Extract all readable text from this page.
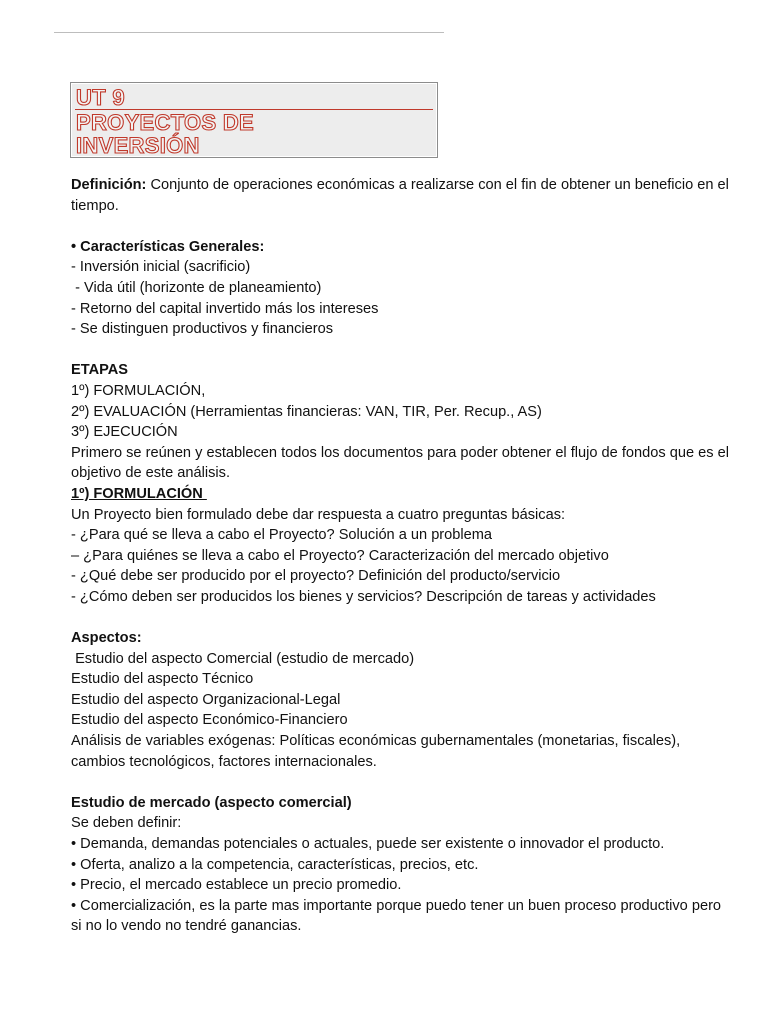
UT 9
PROYECTOS DE
INVERSIÓN

Definición: Conjunto de operaciones económicas a realizarse con el fin de obtener un beneficio en el tiempo.

• Características Generales:

- Inversión inicial (sacrificio)

- Vida útil (horizonte de planeamiento)

- Retorno del capital invertido más los intereses

- Se distinguen productivos y financieros

ETAPAS

1º) FORMULACIÓN,

2º) EVALUACIÓN (Herramientas financieras: VAN, TIR, Per. Recup., AS)

3º) EJECUCIÓN

Primero se reúnen y establecen todos los documentos para poder obtener el flujo de fondos que es el objetivo de este análisis.

1º) FORMULACIÓN

Un Proyecto bien formulado debe dar respuesta a cuatro preguntas básicas:

- ¿Para qué se lleva a cabo el Proyecto? Solución a un problema

– ¿Para quiénes se lleva a cabo el Proyecto? Caracterización del mercado objetivo

- ¿Qué debe ser producido por el proyecto? Definición del producto/servicio

- ¿Cómo deben ser producidos los bienes y servicios? Descripción de tareas y actividades

Aspectos:

Estudio del aspecto Comercial (estudio de mercado)

Estudio del aspecto Técnico

Estudio del aspecto Organizacional-Legal

Estudio del aspecto Económico-Financiero

Análisis de variables exógenas: Políticas económicas gubernamentales (monetarias, fiscales), cambios tecnológicos, factores internacionales.

Estudio de mercado (aspecto comercial)

Se deben definir:

• Demanda, demandas potenciales o actuales, puede ser existente o innovador el producto.

• Oferta, analizo a la competencia, características, precios, etc.

• Precio, el mercado establece un precio promedio.

• Comercialización, es la parte mas importante porque puedo tener un buen proceso productivo pero si no lo vendo no tendré ganancias.
